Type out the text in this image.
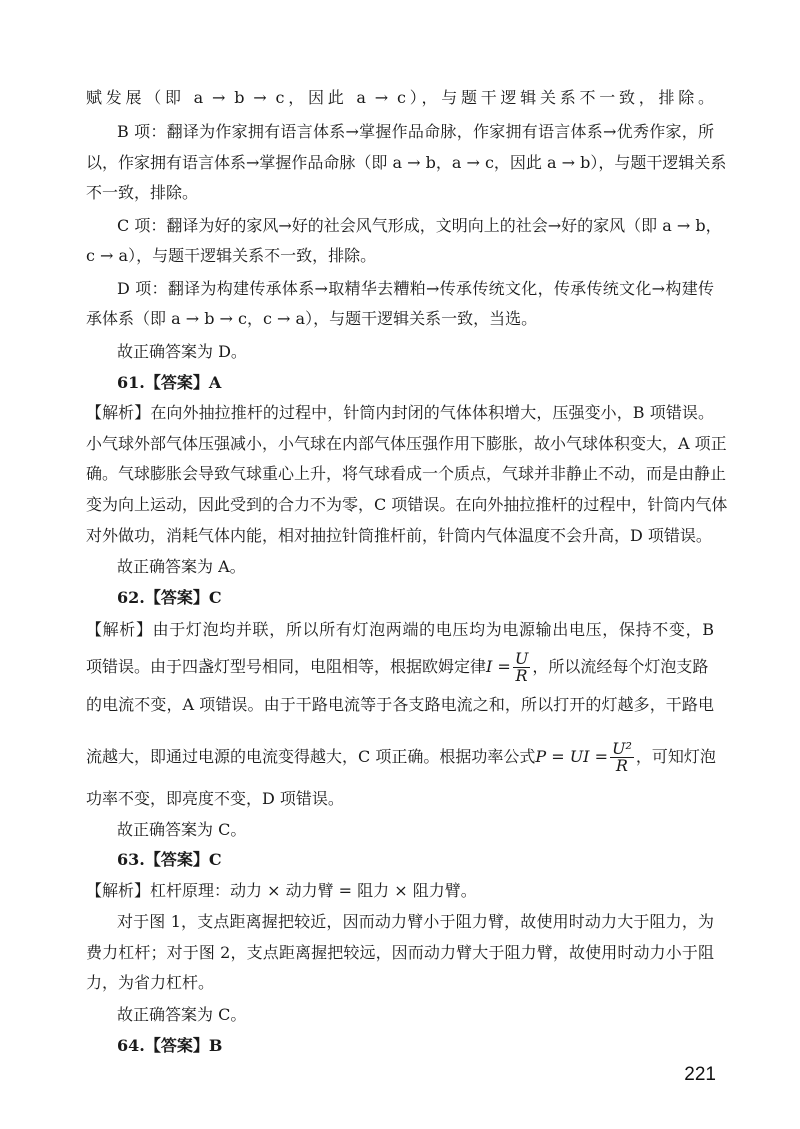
赋发展（即 a → b → c，因此 a → c），与题干逻辑关系不一致，排除。
B 项：翻译为作家拥有语言体系→掌握作品命脉，作家拥有语言体系→优秀作家，所
以，作家拥有语言体系→掌握作品命脉（即 a → b，a → c，因此 a → b），与题干逻辑关系
不一致，排除。
C 项：翻译为好的家风→好的社会风气形成，文明向上的社会→好的家风（即 a → b，
c → a），与题干逻辑关系不一致，排除。
D 项：翻译为构建传承体系→取精华去糟粕→传承传统文化，传承传统文化→构建传
承体系（即 a → b → c，c → a），与题干逻辑关系一致，当选。
故正确答案为 D。
61.【答案】A
【解析】在向外抽拉推杆的过程中，针筒内封闭的气体体积增大，压强变小，B 项错误。
小气球外部气体压强减小，小气球在内部气体压强作用下膨胀，故小气球体积变大，A 项正
确。气球膨胀会导致气球重心上升，将气球看成一个质点，气球并非静止不动，而是由静止
变为向上运动，因此受到的合力不为零，C 项错误。在向外抽拉推杆的过程中，针筒内气体
对外做功，消耗气体内能，相对抽拉针筒推杆前，针筒内气体温度不会升高，D 项错误。
故正确答案为 A。
62.【答案】C
【解析】由于灯泡均并联，所以所有灯泡两端的电压均为电源输出电压，保持不变，B
项错误。由于四盏灯型号相同，电阻相等，根据欧姆定律$I = \frac{U}{R}$ ，所以流经每个灯泡支路
的电流不变，A 项错误。由于干路电流等于各支路电流之和，所以打开的灯越多，干路电
流越大，即通过电源的电流变得越大，C 项正确。根据功率公式P = UI = $\frac{\text{U²}}{R}$ ，可知灯泡
功率不变，即亮度不变，D 项错误。
故正确答案为 C。
63.【答案】C
【解析】杠杆原理：动力 × 动力臂 = 阻力 × 阻力臂。
对于图 1，支点距离握把较近，因而动力臂小于阻力臂，故使用时动力大于阻力，为
费力杠杆；对于图 2，支点距离握把较远，因而动力臂大于阻力臂，故使用时动力小于阻
力，为省力杠杆。
故正确答案为 C。
64.【答案】B
221
